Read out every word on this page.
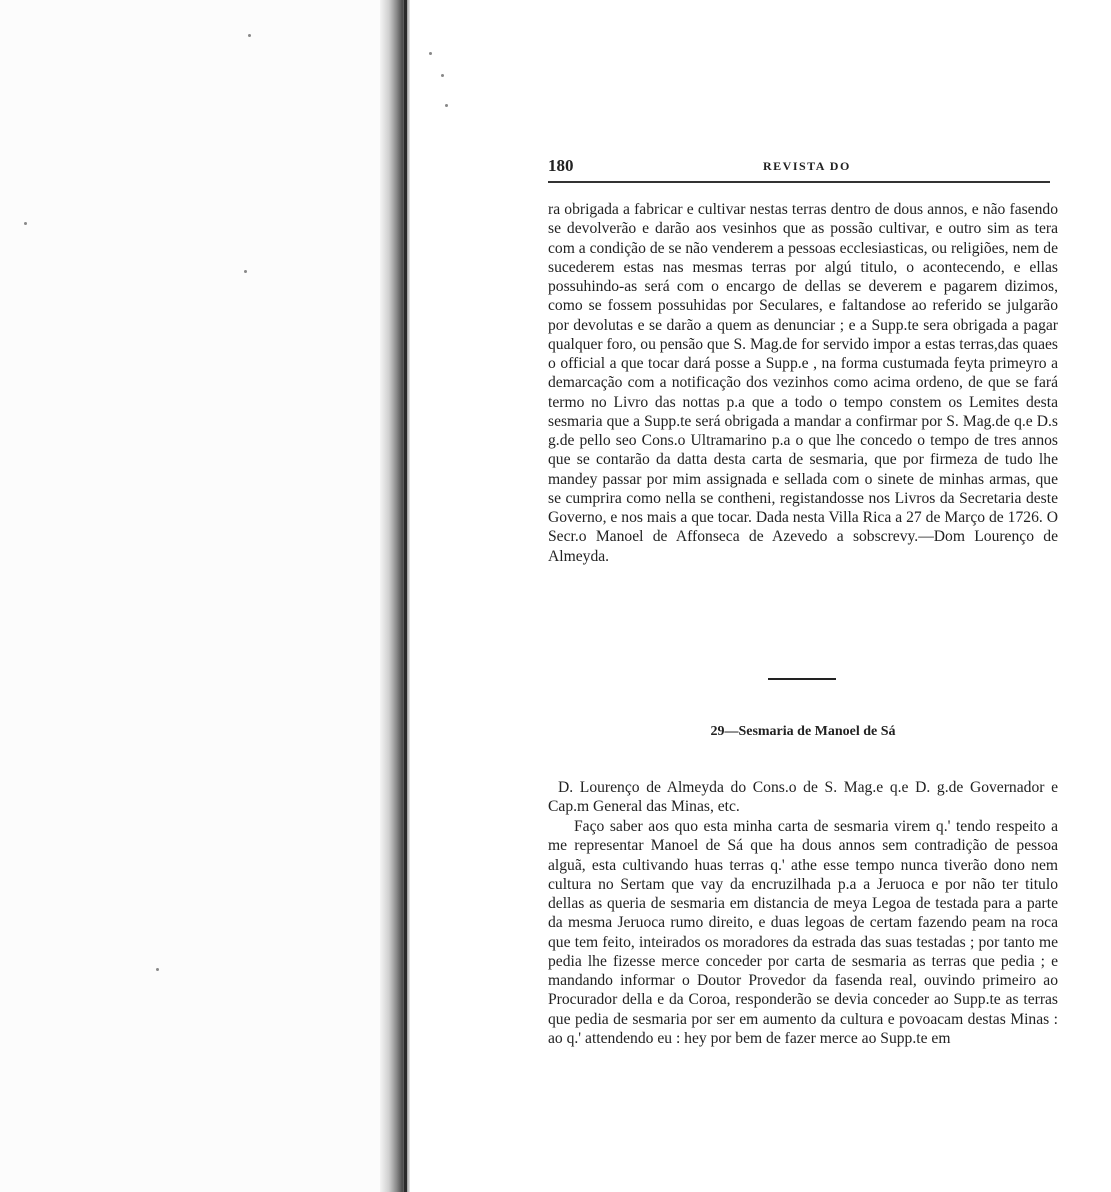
180	REVISTA DO

ra obrigada a fabricar e cultivar nestas terras dentro de dous annos, e não fasendo se devolverão e darão aos vesinhos que as possão cultivar, e outro sim as tera com a condição de se não venderem a pessoas ecclesiasticas, ou religiões, nem de sucederem estas nas mesmas terras por algú titulo, o acontecendo, e ellas possuhindo-as será com o encargo de dellas se deverem e pagarem dizimos, como se fossem possuhidas por Seculares, e faltandose ao referido se julgarão por devolutas e se darão a quem as denunciar ; e a Supp.te sera obrigada a pagar qualquer foro, ou pensão que S. Mag.de for servido impor a estas terras,das quaes o official a que tocar dará posse a Supp.e , na forma custumada feyta primeyro a demarcação com a notificação dos vezinhos como acima ordeno, de que se fará termo no Livro das nottas p.a que a todo o tempo constem os Lemites desta sesmaria que a Supp.te será obrigada a mandar a confirmar por S. Mag.de q.e D.s g.de pello seo Cons.o Ultramarino p.a o que lhe concedo o tempo de tres annos que se contarão da datta desta carta de sesmaria, que por firmeza de tudo lhe mandey passar por mim assignada e sellada com o sinete de minhas armas, que se cumprira como nella se contheni, registandosse nos Livros da Secretaria deste Governo, e nos mais a que tocar. Dada nesta Villa Rica a 27 de Março de 1726. O Secr.o Manoel de Affonseca de Azevedo a sobscrevy.—Dom Lourenço de Almeyda.

29—Sesmaria de Manoel de Sá

D. Lourenço de Almeyda do Cons.o de S. Mag.e q.e D. g.de Governador e Cap.m General das Minas, etc.

Faço saber aos quo esta minha carta de sesmaria virem q.' tendo respeito a me representar Manoel de Sá que ha dous annos sem contradição de pessoa alguã, esta cultivando huas terras q.' athe esse tempo nunca tiverão dono nem cultura no Sertam que vay da encruzilhada p.a a Jeruoca e por não ter titulo dellas as queria de sesmaria em distancia de meya Legoa de testada para a parte da mesma Jeruoca rumo direito, e duas legoas de certam fazendo peam na roca que tem feito, inteirados os moradores da estrada das suas testadas ; por tanto me pedia lhe fizesse merce conceder por carta de sesmaria as terras que pedia ; e mandando informar o Doutor Provedor da fasenda real, ouvindo primeiro ao Procurador della e da Coroa, responderão se devia conceder ao Supp.te as terras que pedia de sesmaria por ser em aumento da cultura e povoacam destas Minas : ao q.' attendendo eu : hey por bem de fazer merce ao Supp.te em
